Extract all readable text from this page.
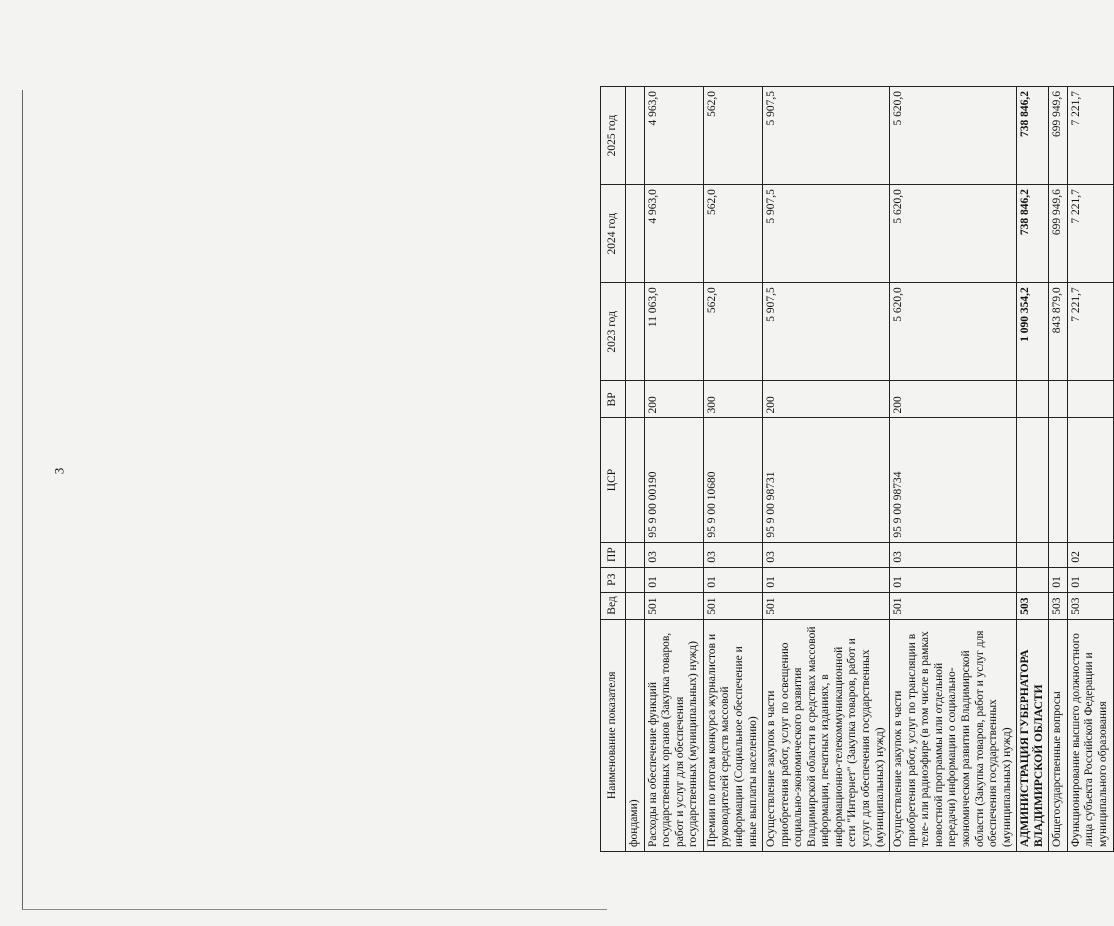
3
Наименование показателя	Вед	РЗ	ПР	ЦСР	ВР	2023 год	2024 год	2025 год
фондами)								
Расходы на обеспечение функций государственных органов (Закупка товаров, работ и услуг для обеспечения государственных (муниципальных) нужд)	501	01	03	95 9 00 00190	200	11 063,0	4 963,0	4 963,0
Премии по итогам конкурса журналистов и руководителей средств массовой информации (Социальное обеспечение и иные выплаты населению)	501	01	03	95 9 00 10680	300	562,0	562,0	562,0
Осуществление закупок в части приобретения работ, услуг по освещению социально-экономического развития Владимирской области в средствах массовой информации, печатных изданиях, в информационно-телекоммуникационной сети "Интернет" (Закупка товаров, работ и услуг для обеспечения государственных (муниципальных) нужд)	501	01	03	95 9 00 98731	200	5 907,5	5 907,5	5 907,5
Осуществление закупок в части приобретения работ, услуг по трансляции в теле- или радиоэфире (в том числе в рамках новостной программы или отдельной передачи) информации о социально-экономическом развитии Владимирской области (Закупка товаров, работ и услуг для обеспечения государственных (муниципальных) нужд)	501	01	03	95 9 00 98734	200	5 620,0	5 620,0	5 620,0
АДМИНИСТРАЦИЯ ГУБЕРНАТОРА ВЛАДИМИРСКОЙ ОБЛАСТИ	503					1 090 354,2	738 846,2	738 846,2
Общегосударственные вопросы	503	01				843 879,0	699 949,6	699 949,6
Функционирование высшего должностного лица субъекта Российской Федерации и муниципального образования	503	01	02			7 221,7	7 221,7	7 221,7
